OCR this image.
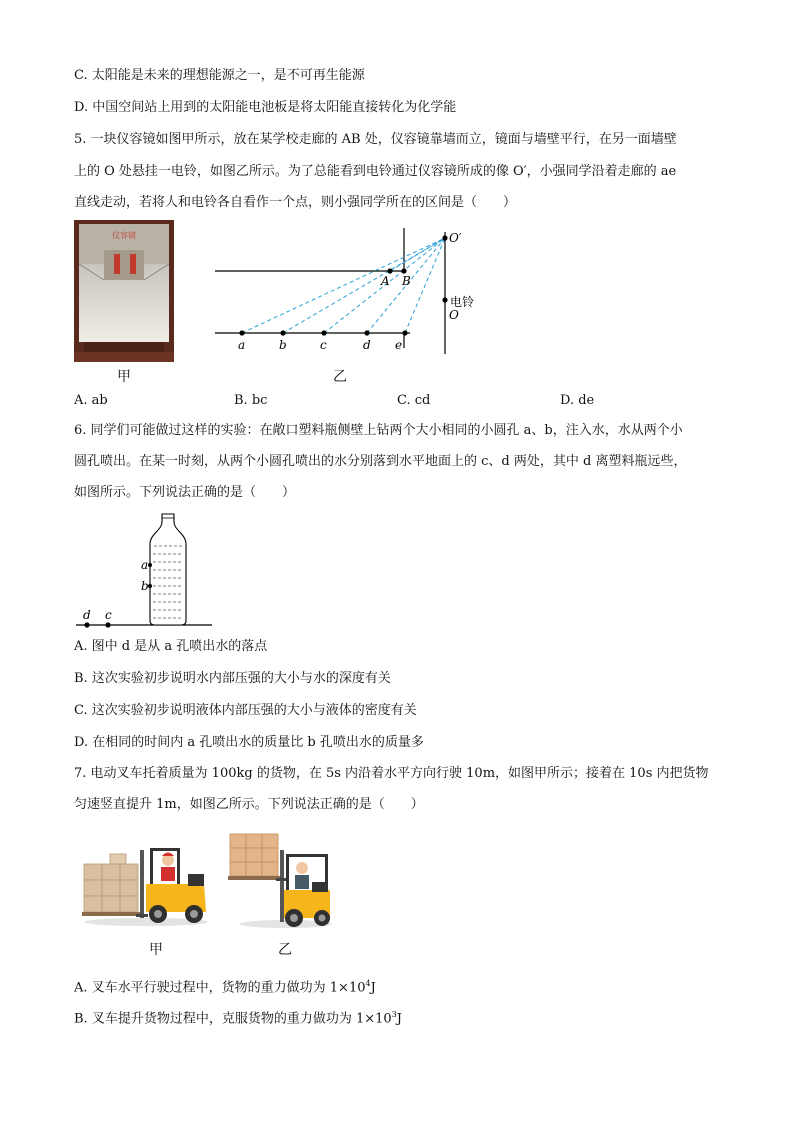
C. 太阳能是未来的理想能源之一，是不可再生能源
D. 中国空间站上用到的太阳能电池板是将太阳能直接转化为化学能
5. 一块仪容镜如图甲所示，放在某学校走廊的 AB 处，仪容镜靠墙而立，镜面与墙壁平行，在另一面墙壁
上的 O 处悬挂一电铃，如图乙所示。为了总能看到电铃通过仪容镜所成的像 O′，小强同学沿着走廊的 ae
直线走动，若将人和电铃各自看作一个点，则小强同学所在的区间是（　　）
仪容镜
甲
O′
A B
O
a	b	c	d e
电铃
乙
A. ab	B. bc	C. cd	D. de
6. 同学们可能做过这样的实验：在敞口塑料瓶侧壁上钻两个大小相同的小圆孔 a、b，注入水，水从两个小
圆孔喷出。在某一时刻，从两个小圆孔喷出的水分别落到水平地面上的 c、d 两处，其中 d 离塑料瓶远些，
如图所示。下列说法正确的是（　　）
a
b
d c
A. 图中 d 是从 a 孔喷出水的落点
B. 这次实验初步说明水内部压强的大小与水的深度有关
C. 这次实验初步说明液体内部压强的大小与液体的密度有关
D. 在相同的时间内 a 孔喷出水的质量比 b 孔喷出水的质量多
7. 电动叉车托着质量为 100kg 的货物，在 5s 内沿着水平方向行驶 10m，如图甲所示；接着在 10s 内把货物
匀速竖直提升 1m，如图乙所示。下列说法正确的是（　　）
甲	乙
A. 叉车水平行驶过程中，货物的重力做功为 $1\times 10^4J$
B. 叉车提升货物过程中，克服货物的重力做功为 $1\times 10^3J$
